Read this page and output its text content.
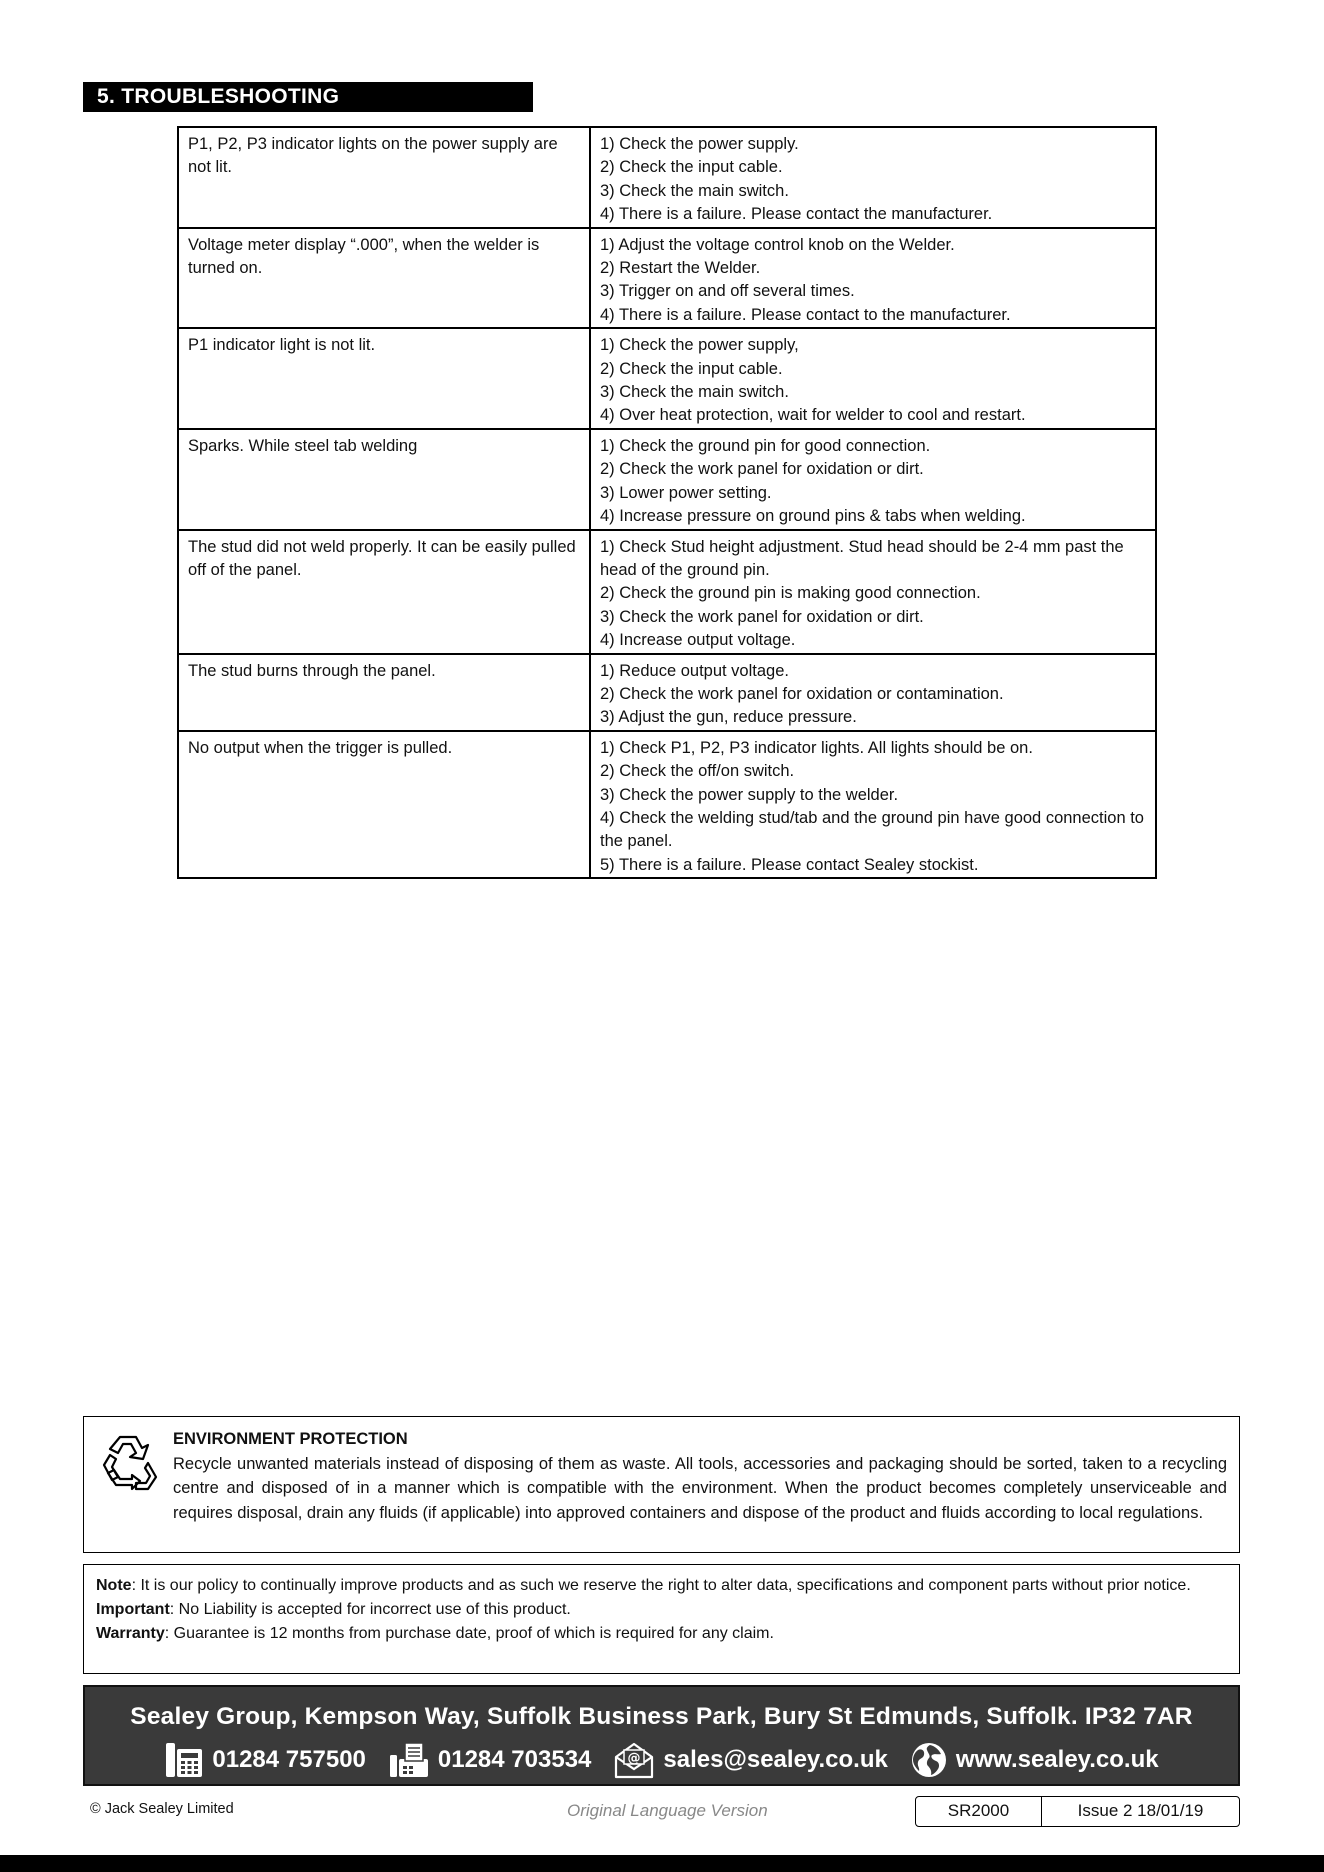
5. TROUBLESHOOTING
P1, P2, P3 indicator lights on the power supply are not lit.	1) Check the power supply.
2) Check the input cable.
3) Check the main switch.
4) There is a failure. Please contact the manufacturer.

Voltage meter display “.000”, when the welder is turned on.	1) Adjust the voltage control knob on the Welder.
2) Restart the Welder.
3) Trigger on and off several times.
4) There is a failure. Please contact to the manufacturer.

P1 indicator light is not lit.	1) Check the power supply,
2) Check the input cable.
3) Check the main switch.
4) Over heat protection, wait for welder to cool and restart.

Sparks. While steel tab welding	1) Check the ground pin for good connection.
2) Check the work panel for oxidation or dirt.
3) Lower power setting.
4) Increase pressure on ground pins & tabs when welding.

The stud did not weld properly. It can be easily pulled off of the panel.	1) Check Stud height adjustment. Stud head should be 2-4 mm past the head of the ground pin.
2) Check the ground pin is making good connection.
3) Check the work panel for oxidation or dirt.
4) Increase output voltage.

The stud burns through the panel.	1) Reduce output voltage.
2) Check the work panel for oxidation or contamination.
3) Adjust the gun, reduce pressure.

No output when the trigger is pulled.	1) Check P1, P2, P3 indicator lights. All lights should be on.
2) Check the off/on switch.
3) Check the power supply to the welder.
4) Check the welding stud/tab and the ground pin have good connection to the panel.
5) There is a failure. Please contact Sealey stockist.
ENVIRONMENT PROTECTION
Recycle unwanted materials instead of disposing of them as waste. All tools, accessories and packaging should be sorted, taken to a recycling centre and disposed of in a manner which is compatible with the environment. When the product becomes completely unserviceable and requires disposal, drain any fluids (if applicable) into approved containers and dispose of the product and fluids according to local regulations.

Note: It is our policy to continually improve products and as such we reserve the right to alter data, specifications and component parts without prior notice.

Important: No Liability is accepted for incorrect use of this product.

Warranty: Guarantee is 12 months from purchase date, proof of which is required for any claim.

Sealey Group, Kempson Way, Suffolk Business Park, Bury St Edmunds, Suffolk. IP32 7AR
01284 757500	01284 703534	@ sales@sealey.co.uk	www.sealey.co.uk
© Jack Sealey Limited	Original Language Version	SR2000	Issue 2 18/01/19
